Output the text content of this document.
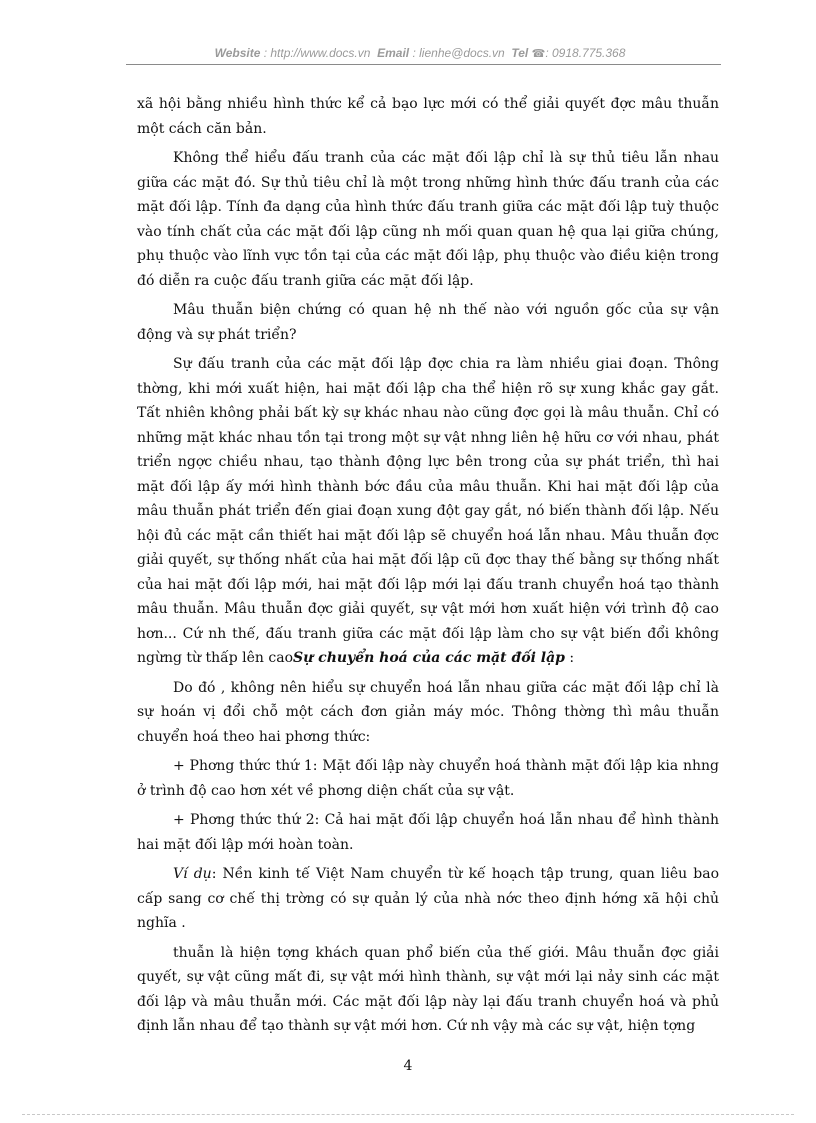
Website : http://www.docs.vn Email : lienhe@docs.vn Tel ☎: 0918.775.368

xã hội bằng nhiều hình thức kể cả bạo lực mới có thể giải quyết đợc mâu thuẫn một cách căn bản.

Không thể hiểu đấu tranh của các mặt đối lập chỉ là sự thủ tiêu lẫn nhau giữa các mặt đó. Sự thủ tiêu chỉ là một trong những hình thức đấu tranh của các mặt đối lập. Tính đa dạng của hình thức đấu tranh giữa các mặt đối lập tuỳ thuộc vào tính chất của các mặt đối lập cũng nh mối quan quan hệ qua lại giữa chúng, phụ thuộc vào lĩnh vực tồn tại của các mặt đối lập, phụ thuộc vào điều kiện trong đó diễn ra cuộc đấu tranh giữa các mặt đối lập.

Mâu thuẫn biện chứng có quan hệ nh thế nào với nguồn gốc của sự vận động và sự phát triển?

Sự đấu tranh của các mặt đối lập đợc chia ra làm nhiều giai đoạn. Thông thờng, khi mới xuất hiện, hai mặt đối lập cha thể hiện rõ sự xung khắc gay gắt. Tất nhiên không phải bất kỳ sự khác nhau nào cũng đợc gọi là mâu thuẫn. Chỉ có những mặt khác nhau tồn tại trong một sự vật nhng liên hệ hữu cơ với nhau, phát triển ngợc chiều nhau, tạo thành động lực bên trong của sự phát triển, thì hai mặt đối lập ấy mới hình thành bớc đầu của mâu thuẫn. Khi hai mặt đối lập của mâu thuẫn phát triển đến giai đoạn xung đột gay gắt, nó biến thành đối lập. Nếu hội đủ các mặt cần thiết hai mặt đối lập sẽ chuyển hoá lẫn nhau. Mâu thuẫn đợc giải quyết, sự thống nhất của hai mặt đối lập cũ đợc thay thế bằng sự thống nhất của hai mặt đối lập mới, hai mặt đối lập mới lại đấu tranh chuyển hoá tạo thành mâu thuẫn. Mâu thuẫn đợc giải quyết, sự vật mới hơn xuất hiện với trình độ cao hơn... Cứ nh thế, đấu tranh giữa các mặt đối lập làm cho sự vật biến đổi không ngừng từ thấp lên caoSự chuyển hoá của các mặt đối lập :

Do đó , không nên hiểu sự chuyển hoá lẫn nhau giữa các mặt đối lập chỉ là sự hoán vị đổi chỗ một cách đơn giản máy móc. Thông thờng thì mâu thuẫn chuyển hoá theo hai phơng thức:

+ Phơng thức thứ 1: Mặt đối lập này chuyển hoá thành mặt đối lập kia nhng ở trình độ cao hơn xét về phơng diện chất của sự vật.

+ Phơng thức thứ 2: Cả hai mặt đối lập chuyển hoá lẫn nhau để hình thành hai mặt đối lập mới hoàn toàn.

Ví dụ: Nền kinh tế Việt Nam chuyển từ kế hoạch tập trung, quan liêu bao cấp sang cơ chế thị trờng có sự quản lý của nhà nớc theo định hớng xã hội chủ nghĩa .

thuẫn là hiện tợng khách quan phổ biến của thế giới. Mâu thuẫn đợc giải quyết, sự vật cũng mất đi, sự vật mới hình thành, sự vật mới lại nảy sinh các mặt đối lập và mâu thuẫn mới. Các mặt đối lập này lại đấu tranh chuyển hoá và phủ định lẫn nhau để tạo thành sự vật mới hơn. Cứ nh vậy mà các sự vật, hiện tợng

4
